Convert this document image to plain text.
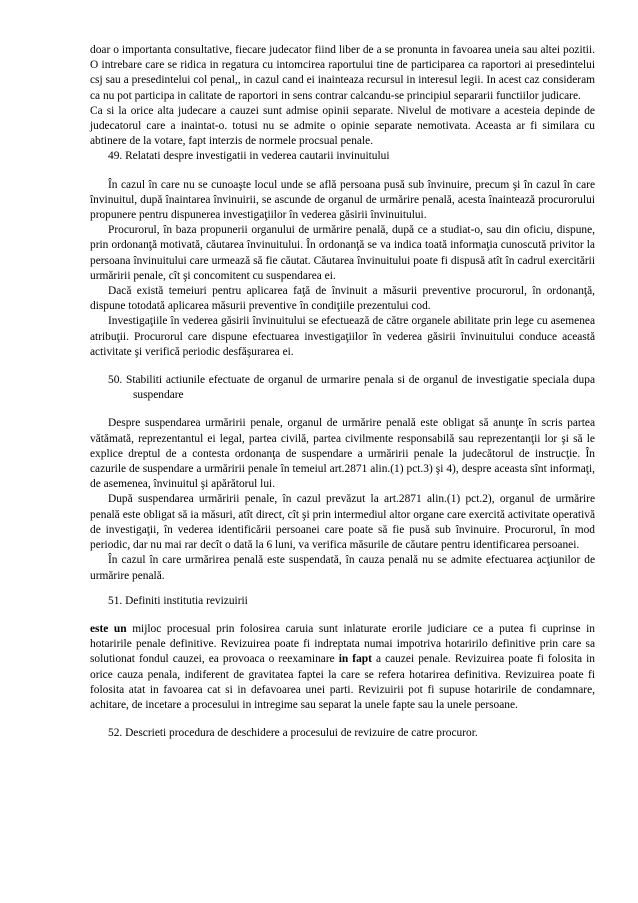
doar o importanta consultative, fiecare judecator fiind liber de a se pronunta in favoarea uneia sau altei pozitii. O intrebare care se ridica in regatura cu intomcirea raportului tine de participarea ca raportori ai presedintelui csj sau a presedintelui col penal,, in cazul cand ei inainteaza recursul in interesul legii. In acest caz consideram ca nu pot participa in calitate de raportori in sens contrar calcandu-se principiul separarii functiilor judicare.

Ca si la orice alta judecare a cauzei sunt admise opinii separate. Nivelul de motivare a acesteia depinde de judecatorul care a inaintat-o. totusi nu se admite o opinie separate nemotivata. Aceasta ar fi similara cu abtinere de la votare, fapt interzis de normele procsual penale.

49. Relatati despre investigatii in vederea cautarii invinuitului

În cazul în care nu se cunoaşte locul unde se află persoana pusă sub învinuire, precum şi în cazul în care învinuitul, după înaintarea învinuirii, se ascunde de organul de urmărire penală, acesta înaintează procurorului propunere pentru dispunerea investigaţiilor în vederea găsirii învinuitului.

Procurorul, în baza propunerii organului de urmărire penală, după ce a studiat-o, sau din oficiu, dispune, prin ordonanţă motivată, căutarea învinuitului. În ordonanţă se va indica toată informaţia cunoscută privitor la persoana învinuitului care urmează să fie căutat. Căutarea învinuitului poate fi dispusă atît în cadrul exercitării urmăririi penale, cît şi concomitent cu suspendarea ei.

Dacă există temeiuri pentru aplicarea faţă de învinuit a măsurii preventive procurorul, în ordonanţă, dispune totodată aplicarea măsurii preventive în condiţiile prezentului cod.

Investigaţiile în vederea găsirii învinuitului se efectuează de către organele abilitate prin lege cu asemenea atribuţii. Procurorul care dispune efectuarea investigaţiilor în vederea găsirii învinuitului conduce această activitate şi verifică periodic desfăşurarea ei.

50. Stabiliti actiunile efectuate de organul de urmarire penala si de organul de investigatie speciala dupa suspendare

Despre suspendarea urmăririi penale, organul de urmărire penală este obligat să anunţe în scris partea vătămată, reprezentantul ei legal, partea civilă, partea civilmente responsabilă sau reprezentanţii lor şi să le explice dreptul de a contesta ordonanţa de suspendare a urmăririi penale la judecătorul de instrucţie. În cazurile de suspendare a urmăririi penale în temeiul art.2871 alin.(1) pct.3) şi 4), despre aceasta sînt informaţi, de asemenea, învinuitul şi apărătorul lui.

După suspendarea urmăririi penale, în cazul prevăzut la art.2871 alin.(1) pct.2), organul de urmărire penală este obligat să ia măsuri, atît direct, cît şi prin intermediul altor organe care exercită activitate operativă de investigaţii, în vederea identificării persoanei care poate să fie pusă sub învinuire. Procurorul, în mod periodic, dar nu mai rar decît o dată la 6 luni, va verifica măsurile de căutare pentru identificarea persoanei.

În cazul în care urmărirea penală este suspendată, în cauza penală nu se admite efectuarea acţiunilor de urmărire penală.

51. Definiti institutia revizuirii

este un mijloc procesual prin folosirea caruia sunt inlaturate erorile judiciare ce a putea fi cuprinse in hotaririle penale definitive. Revizuirea poate fi indreptata numai impotriva hotaririlo definitive prin care sa solutionat fondul cauzei, ea provoaca o reexaminare in fapt a cauzei penale. Revizuirea poate fi folosita in orice cauza penala, indiferent de gravitatea faptei la care se refera hotarirea definitiva. Revizuirea poate fi folosita atat in favoarea cat si in defavoarea unei parti. Revizuirii pot fi supuse hotaririle de condamnare, achitare, de incetare a procesului in intregime sau separat la unele fapte sau la unele persoane.

52. Descrieti procedura de deschidere a procesului de revizuire de catre procuror.
